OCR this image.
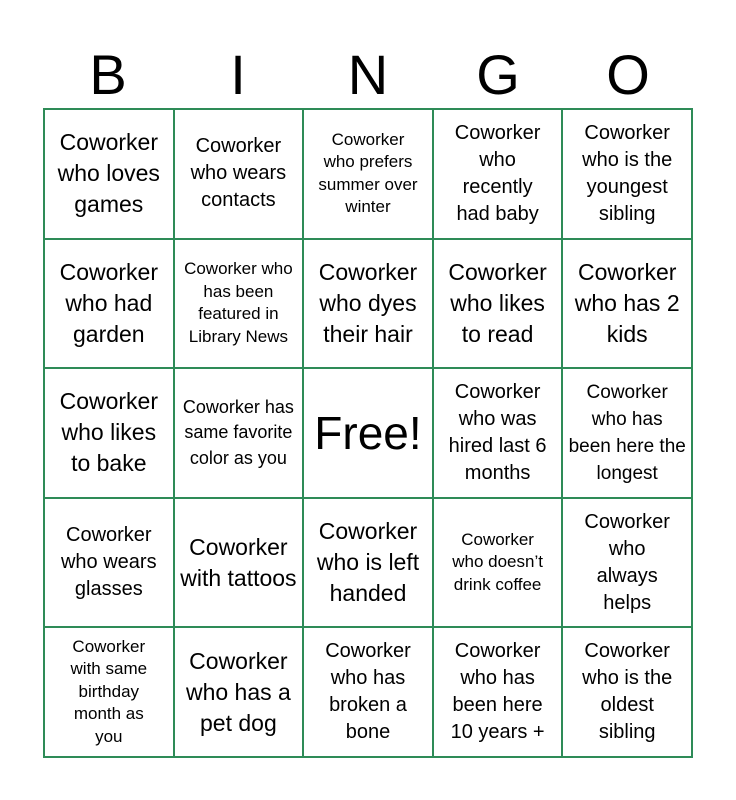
B	I	N	G	O
Coworker who loves games
Coworker who wears contacts
Coworker who prefers summer over winter
Coworker who recently had baby
Coworker who is the youngest sibling
Coworker who had garden
Coworker who has been featured in Library News
Coworker who dyes their hair
Coworker who likes to read
Coworker who has 2 kids
Coworker who likes to bake
Coworker has same favorite color as you Free!
Coworker who was hired last 6 months
Coworker who has been here the longest
Coworker who wears glasses
Coworker with tattoos
Coworker who is left handed
Coworker who doesn’t drink coffee
Coworker who always helps
Coworker with same birthday month as you
Coworker who has a pet dog
Coworker who has broken a bone
Coworker who has been here 10 years +
Coworker who is the oldest sibling
